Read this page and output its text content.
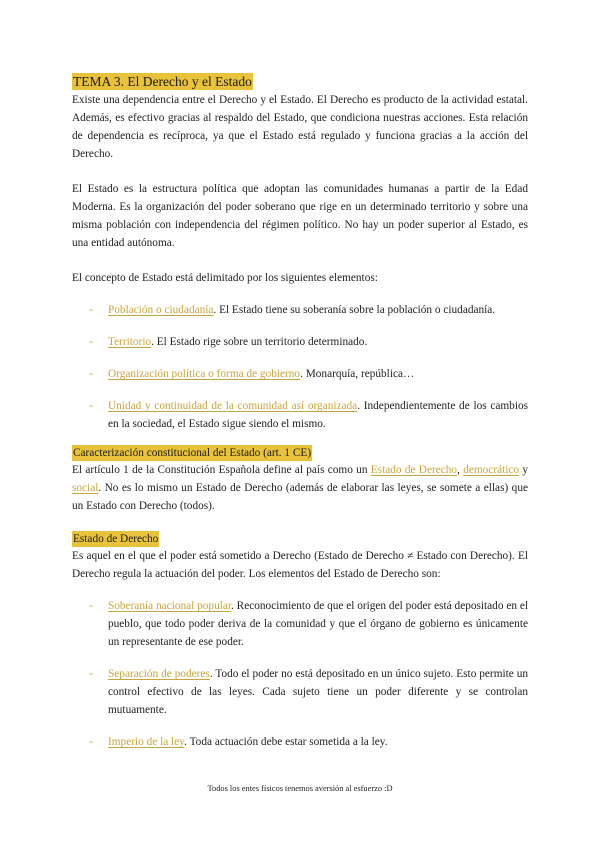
TEMA 3. El Derecho y el Estado

Existe una dependencia entre el Derecho y el Estado. El Derecho es producto de la actividad estatal. Además, es efectivo gracias al respaldo del Estado, que condiciona nuestras acciones. Esta relación de dependencia es recíproca, ya que el Estado está regulado y funciona gracias a la acción del Derecho.

El Estado es la estructura política que adoptan las comunidades humanas a partir de la Edad Moderna. Es la organización del poder soberano que rige en un determinado territorio y sobre una misma población con independencia del régimen político. No hay un poder superior al Estado, es una entidad autónoma.

El concepto de Estado está delimitado por los siguientes elementos:

- Población o ciudadanía. El Estado tiene su soberanía sobre la población o ciudadanía.
- Territorio. El Estado rige sobre un territorio determinado.
- Organización política o forma de gobierno. Monarquía, república…
- Unidad y continuidad de la comunidad así organizada. Independientemente de los cambios en la sociedad, el Estado sigue siendo el mismo.
Caracterización constitucional del Estado (art. 1 CE)

El artículo 1 de la Constitución Española define al país como un Estado de Derecho, democrático y social. No es lo mismo un Estado de Derecho (además de elaborar las leyes, se somete a ellas) que un Estado con Derecho (todos).

Estado de Derecho

Es aquel en el que el poder está sometido a Derecho (Estado de Derecho ≠ Estado con Derecho). El Derecho regula la actuación del poder. Los elementos del Estado de Derecho son:

- Soberanía nacional popular. Reconocimiento de que el origen del poder está depositado en el pueblo, que todo poder deriva de la comunidad y que el órgano de gobierno es únicamente un representante de ese poder.
- Separación de poderes. Todo el poder no está depositado en un único sujeto. Esto permite un control efectivo de las leyes. Cada sujeto tiene un poder diferente y se controlan mutuamente.
- Imperio de la ley. Toda actuación debe estar sometida a la ley.
Todos los entes físicos tenemos aversión al esfuerzo :D
